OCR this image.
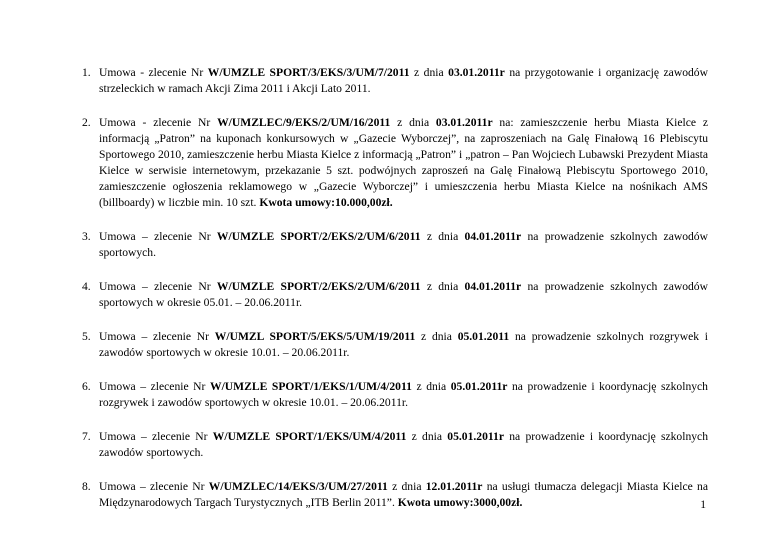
1 . Umowa - zlecenie Nr W/UMZLE SPORT/3/EKS/3/UM/7/2011 z dnia 03.01.2011r na przygotowanie i organizację zawodów strzeleckich w ramach Akcji Zima 2011 i Akcji Lato 2011.
2 . Umowa - zlecenie Nr W/UMZLEC/9/EKS/2/UM/16/2011 z dnia 03.01.2011r na: zamieszczenie herbu Miasta Kielce z informacją „Patron” na kuponach konkursowych w „Gazecie Wyborczej”, na zaproszeniach na Galę Finałową 16 Plebiscytu Sportowego 2010, zamieszczenie herbu Miasta Kielce z informacją „Patron” i „patron – Pan Wojciech Lubawski Prezydent Miasta Kielce w serwisie internetowym, przekazanie 5 szt. podwójnych zaproszeń na Galę Finałową Plebiscytu Sportowego 2010, zamieszczenie ogłoszenia reklamowego w „Gazecie Wyborczej” i umieszczenia herbu Miasta Kielce na nośnikach AMS (billboardy) w liczbie min. 10 szt. Kwota umowy:10.000,00zł.
3 . Umowa – zlecenie Nr W/UMZLE SPORT/2/EKS/2/UM/6/2011 z dnia 04.01.2011r na prowadzenie szkolnych zawodów sportowych.
4 . Umowa – zlecenie Nr W/UMZLE SPORT/2/EKS/2/UM/6/2011 z dnia 04.01.2011r na prowadzenie szkolnych zawodów sportowych w okresie 05.01. – 20.06.2011r.
5 . Umowa – zlecenie Nr W/UMZL SPORT/5/EKS/5/UM/19/2011 z dnia 05.01.2011 na prowadzenie szkolnych rozgrywek i zawodów sportowych w okresie 10.01. – 20.06.2011r.
6 . Umowa – zlecenie Nr W/UMZLE SPORT/1/EKS/1/UM/4/2011 z dnia 05.01.2011r na prowadzenie i koordynację szkolnych rozgrywek i zawodów sportowych w okresie 10.01. – 20.06.2011r.
7 . Umowa – zlecenie Nr W/UMZLE SPORT/1/EKS/UM/4/2011 z dnia 05.01.2011r na prowadzenie i koordynację szkolnych zawodów sportowych.
8 . Umowa – zlecenie Nr W/UMZLEC/14/EKS/3/UM/27/2011 z dnia 12.01.2011r na usługi tłumacza delegacji Miasta Kielce na Międzynarodowych Targach Turystycznych „ITB Berlin 2011”. Kwota umowy:3000,00zł.	1
